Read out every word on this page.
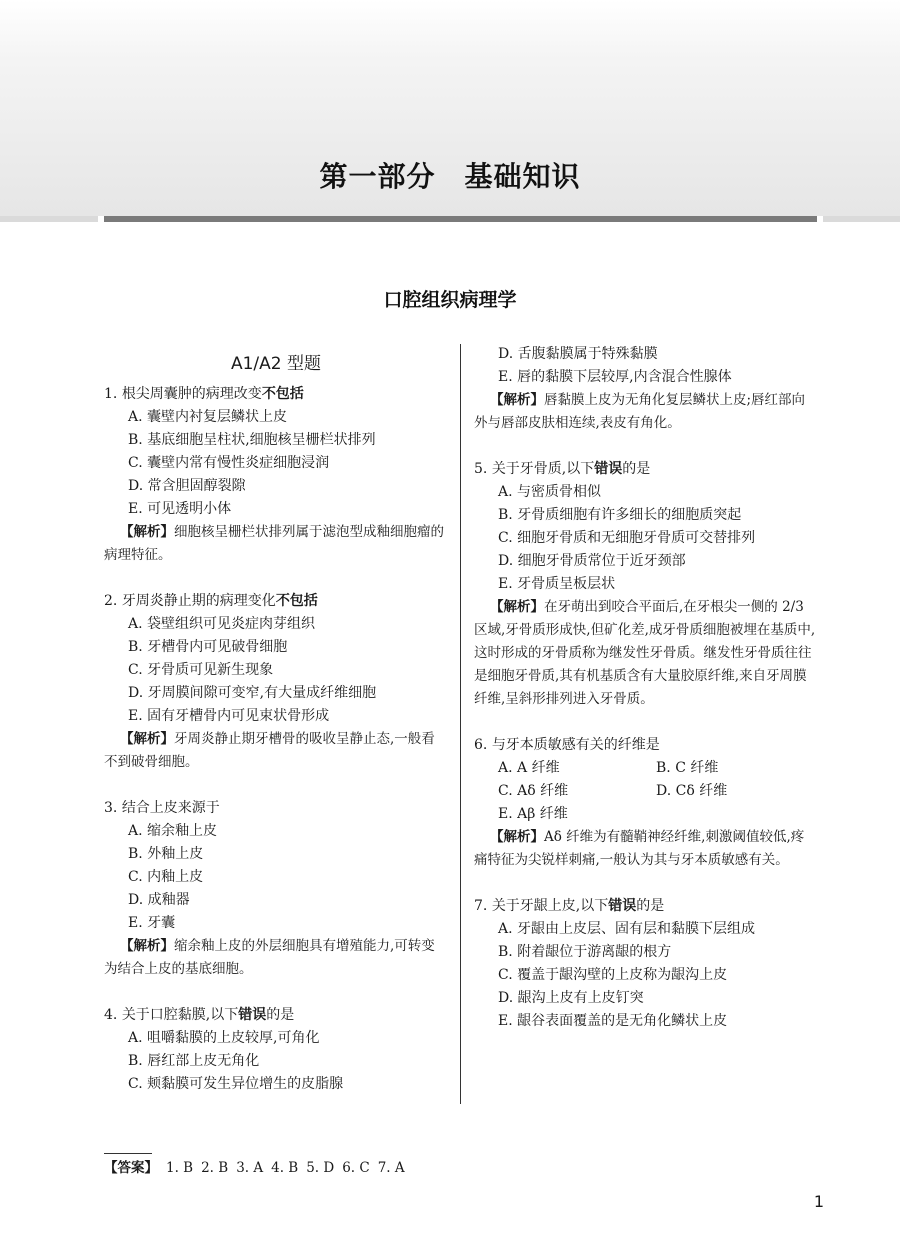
第一部分　基础知识
口腔组织病理学
A1/A2 型题
1. 根尖周囊肿的病理改变不包括
A. 囊壁内衬复层鳞状上皮
B. 基底细胞呈柱状,细胞核呈栅栏状排列
C. 囊壁内常有慢性炎症细胞浸润
D. 常含胆固醇裂隙
E. 可见透明小体
【解析】细胞核呈栅栏状排列属于滤泡型成釉细胞瘤的病理特征。
2. 牙周炎静止期的病理变化不包括
A. 袋壁组织可见炎症肉芽组织
B. 牙槽骨内可见破骨细胞
C. 牙骨质可见新生现象
D. 牙周膜间隙可变窄,有大量成纤维细胞
E. 固有牙槽骨内可见束状骨形成
【解析】牙周炎静止期牙槽骨的吸收呈静止态,一般看不到破骨细胞。
3. 结合上皮来源于
A. 缩余釉上皮
B. 外釉上皮
C. 内釉上皮
D. 成釉器
E. 牙囊
【解析】缩余釉上皮的外层细胞具有增殖能力,可转变为结合上皮的基底细胞。
4. 关于口腔黏膜,以下错误的是
A. 咀嚼黏膜的上皮较厚,可角化
B. 唇红部上皮无角化
C. 颊黏膜可发生异位增生的皮脂腺
D. 舌腹黏膜属于特殊黏膜
E. 唇的黏膜下层较厚,内含混合性腺体
【解析】唇黏膜上皮为无角化复层鳞状上皮;唇红部向外与唇部皮肤相连续,表皮有角化。
5. 关于牙骨质,以下错误的是
A. 与密质骨相似
B. 牙骨质细胞有许多细长的细胞质突起
C. 细胞牙骨质和无细胞牙骨质可交替排列
D. 细胞牙骨质常位于近牙颈部
E. 牙骨质呈板层状
【解析】在牙萌出到咬合平面后,在牙根尖一侧的 2/3 区域,牙骨质形成快,但矿化差,成牙骨质细胞被埋在基质中,这时形成的牙骨质称为继发性牙骨质。继发性牙骨质往往是细胞牙骨质,其有机基质含有大量胶原纤维,来自牙周膜纤维,呈斜形排列进入牙骨质。
6. 与牙本质敏感有关的纤维是
A. A 纤维	B. C 纤维
C. Aδ 纤维	D. Cδ 纤维
E. Aβ 纤维
【解析】Aδ 纤维为有髓鞘神经纤维,刺激阈值较低,疼痛特征为尖锐样刺痛,一般认为其与牙本质敏感有关。
7. 关于牙龈上皮,以下错误的是
A. 牙龈由上皮层、固有层和黏膜下层组成
B. 附着龈位于游离龈的根方
C. 覆盖于龈沟壁的上皮称为龈沟上皮
D. 龈沟上皮有上皮钉突
E. 龈谷表面覆盖的是无角化鳞状上皮
【答案】 1. B 2. B 3. A 4. B 5. D 6. C 7. A
1
